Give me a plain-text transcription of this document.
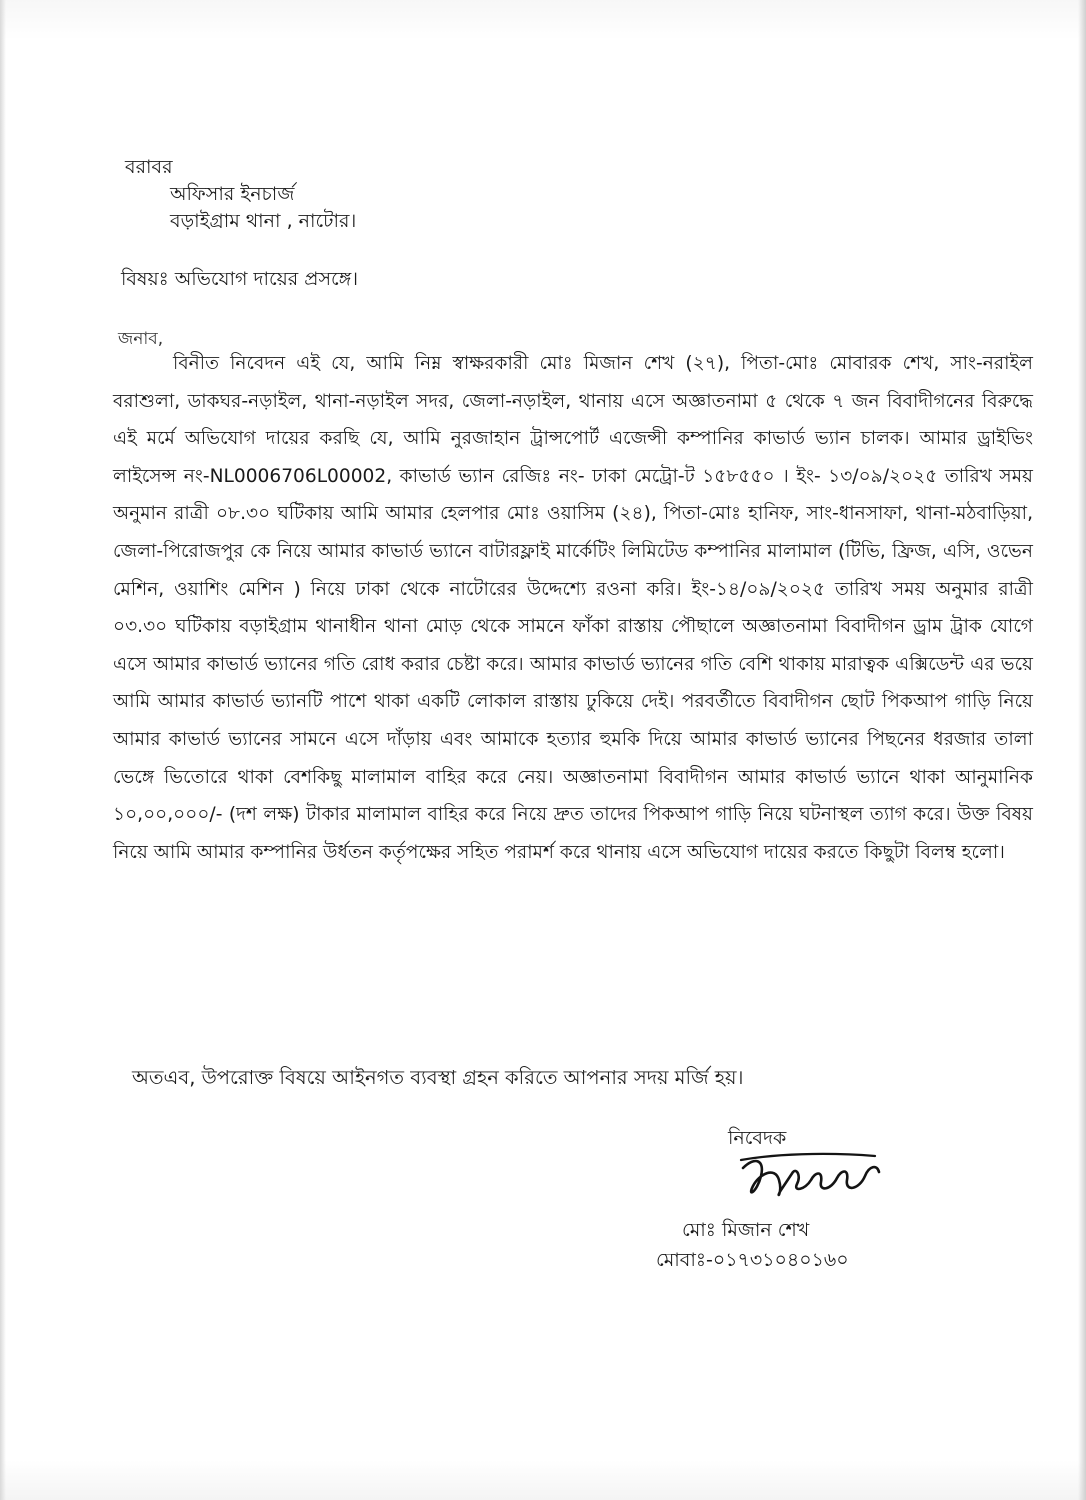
বরাবর
অফিসার ইনচার্জ
বড়াইগ্রাম থানা , নাটোর।
বিষয়ঃ অভিযোগ দায়ের প্রসঙ্গে।
জনাব,
বিনীত নিবেদন এই যে, আমি নিম্ন স্বাক্ষরকারী মোঃ মিজান শেখ (২৭), পিতা-মোঃ মোবারক শেখ, সাং-নরাইল বরাশুলা, ডাকঘর-নড়াইল, থানা-নড়াইল সদর, জেলা-নড়াইল, থানায় এসে অজ্ঞাতনামা ৫ থেকে ৭ জন বিবাদীগনের বিরুদ্ধে এই মর্মে অভিযোগ দায়ের করছি যে, আমি নুরজাহান ট্রান্সপোর্ট এজেন্সী কম্পানির কাভার্ড ভ্যান চালক। আমার ড্রাইভিং লাইসেন্স নং-NL0006706L00002, কাভার্ড ভ্যান রেজিঃ নং- ঢাকা মেট্রো-ট ১৫৮৫৫০ । ইং- ১৩/০৯/২০২৫ তারিখ সময় অনুমান রাত্রী ০৮.৩০ ঘটিকায় আমি আমার হেলপার মোঃ ওয়াসিম (২৪), পিতা-মোঃ হানিফ, সাং-ধানসাফা, থানা-মঠবাড়িয়া, জেলা-পিরোজপুর কে নিয়ে আমার কাভার্ড ভ্যানে বাটারফ্লাই মার্কেটিং লিমিটেড কম্পানির মালামাল (টিভি, ফ্রিজ, এসি, ওভেন মেশিন, ওয়াশিং মেশিন ) নিয়ে ঢাকা থেকে নাটোরের উদ্দেশ্যে রওনা করি। ইং-১৪/০৯/২০২৫ তারিখ সময় অনুমার রাত্রী ০৩.৩০ ঘটিকায় বড়াইগ্রাম থানাধীন থানা মোড় থেকে সামনে ফাঁকা রাস্তায় পৌছালে অজ্ঞাতনামা বিবাদীগন ড্রাম ট্রাক যোগে এসে আমার কাভার্ড ভ্যানের গতি রোধ করার চেষ্টা করে। আমার কাভার্ড ভ্যানের গতি বেশি থাকায় মারাত্বক এক্সিডেন্ট এর ভয়ে আমি আমার কাভার্ড ভ্যানটি পাশে থাকা একটি লোকাল রাস্তায় ঢুকিয়ে দেই। পরবর্তীতে বিবাদীগন ছোট পিকআপ গাড়ি নিয়ে আমার কাভার্ড ভ্যানের সামনে এসে দাঁড়ায় এবং আমাকে হত্যার হুমকি দিয়ে আমার কাভার্ড ভ্যানের পিছনের ধরজার তালা ভেঙ্গে ভিতোরে থাকা বেশকিছু মালামাল বাহির করে নেয়। অজ্ঞাতনামা বিবাদীগন আমার কাভার্ড ভ্যানে থাকা আনুমানিক ১০,০০,০০০/- (দশ লক্ষ) টাকার মালামাল বাহির করে নিয়ে দ্রুত তাদের পিকআপ গাড়ি নিয়ে ঘটনাস্থল ত্যাগ করে। উক্ত বিষয় নিয়ে আমি আমার কম্পানির উর্ধতন কর্তৃপক্ষের সহিত পরামর্শ করে থানায় এসে অভিযোগ দায়ের করতে কিছুটা বিলম্ব হলো।
অতএব, উপরোক্ত বিষয়ে আইনগত ব্যবস্থা গ্রহন করিতে আপনার সদয় মর্জি হয়।
নিবেদক
মোঃ মিজান শেখ
মোবাঃ-০১৭৩১০৪০১৬০
